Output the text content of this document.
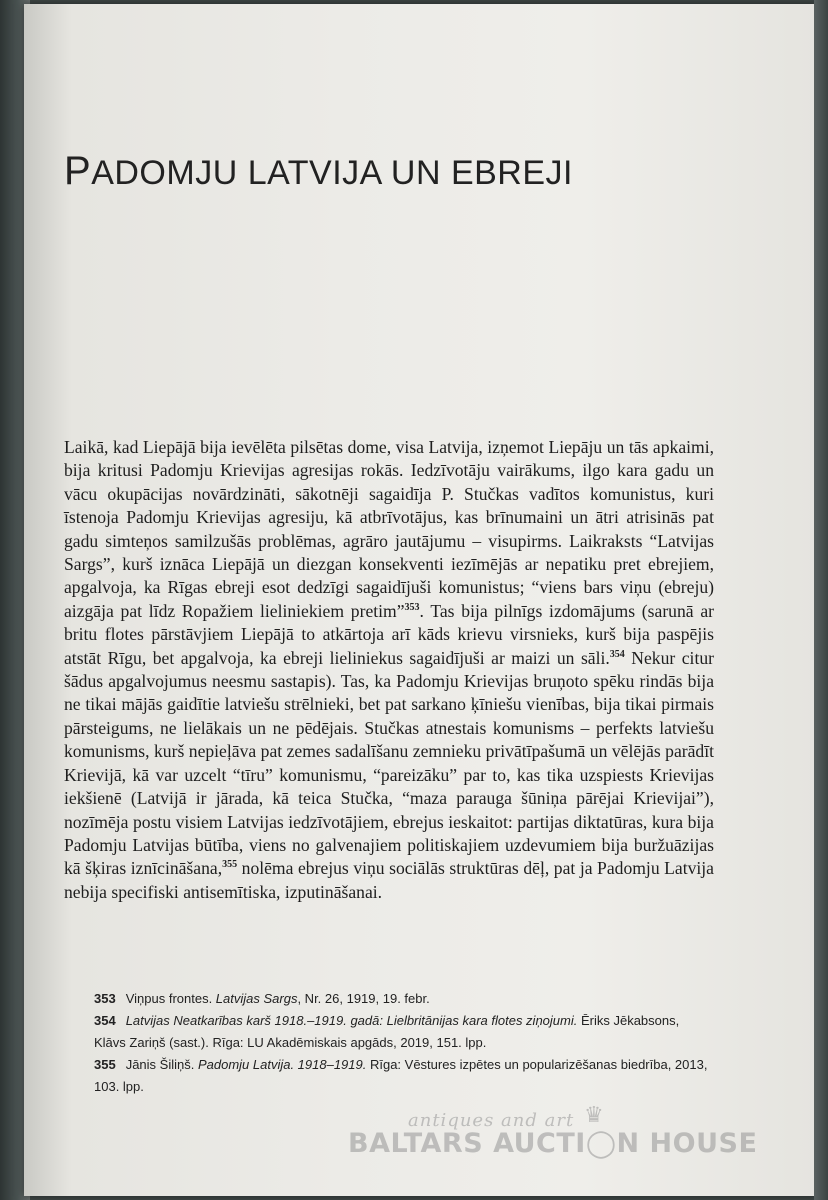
PADOMJU LATVIJA UN EBREJI

Laikā, kad Liepājā bija ievēlēta pilsētas dome, visa Latvija, izņemot Liepāju un tās apkaimi, bija kritusi Padomju Krievijas agresijas rokās. Iedzīvotāju vairākums, ilgo kara gadu un vācu okupācijas novārdzināti, sākotnēji sagaidīja P. Stučkas vadītos komunistus, kuri īstenoja Padomju Krievijas agresiju, kā atbrīvotājus, kas brīnumaini un ātri atrisinās pat gadu simteņos samilzušās problēmas, agrāro jautājumu – visupirms. Laikraksts “Latvijas Sargs”, kurš iznāca Liepājā un diezgan konsekventi iezīmējās ar nepatiku pret ebrejiem, apgalvoja, ka Rīgas ebreji esot dedzīgi sagaidījuši komunistus; “viens bars viņu (ebreju) aizgāja pat līdz Ropažiem lieliniekiem pretim”$^{353}$. Tas bija pilnīgs izdomājums (sarunā ar britu flotes pārstāvjiem Liepājā to atkārtoja arī kāds krievu virsnieks, kurš bija paspējis atstāt Rīgu, bet apgalvoja, ka ebreji lieliniekus sagaidījuši ar maizi un sāli.$^{354}$ Nekur citur šādus apgalvojumus neesmu sastapis). Tas, ka Padomju Krievijas bruņoto spēku rindās bija ne tikai mājās gaidītie latviešu strēlnieki, bet pat sarkano ķīniešu vienības, bija tikai pirmais pārsteigums, ne lielākais un ne pēdējais. Stučkas atnestais komunisms – perfekts latviešu komunisms, kurš nepieļāva pat zemes sadalīšanu zemnieku privātīpašumā un vēlējās parādīt Krievijā, kā var uzcelt “tīru” komunismu, “pareizāku” par to, kas tika uzspiests Krievijas iekšienē (Latvijā ir jārada, kā teica Stučka, “maza parauga šūniņa pārējai Krievijai”), nozīmēja postu visiem Latvijas iedzīvotājiem, ebrejus ieskaitot: partijas diktatūras, kura bija Padomju Latvijas būtība, viens no galvenajiem politiskajiem uzdevumiem bija buržuāzijas kā šķiras iznīcināšana,$^{355}$ nolēma ebrejus viņu sociālās struktūras dēļ, pat ja Padomju Latvija nebija specifiski antisemītiska, izputināšanai.

353 Viņpus frontes. Latvijas Sargs, Nr. 26, 1919, 19. febr.

354 Latvijas Neatkarības karš 1918.–1919. gadā: Lielbritānijas kara flotes ziņojumi. Ēriks Jēkabsons, Klāvs Zariņš (sast.). Rīga: LU Akadēmiskais apgāds, 2019, 151. lpp.

355 Jānis Šiliņš. Padomju Latvija. 1918–1919. Rīga: Vēstures izpētes un popularizēšanas biedrība, 2013, 103. lpp.

antiques and art ♛
BALTARS AUCTI◯N HOUSE
